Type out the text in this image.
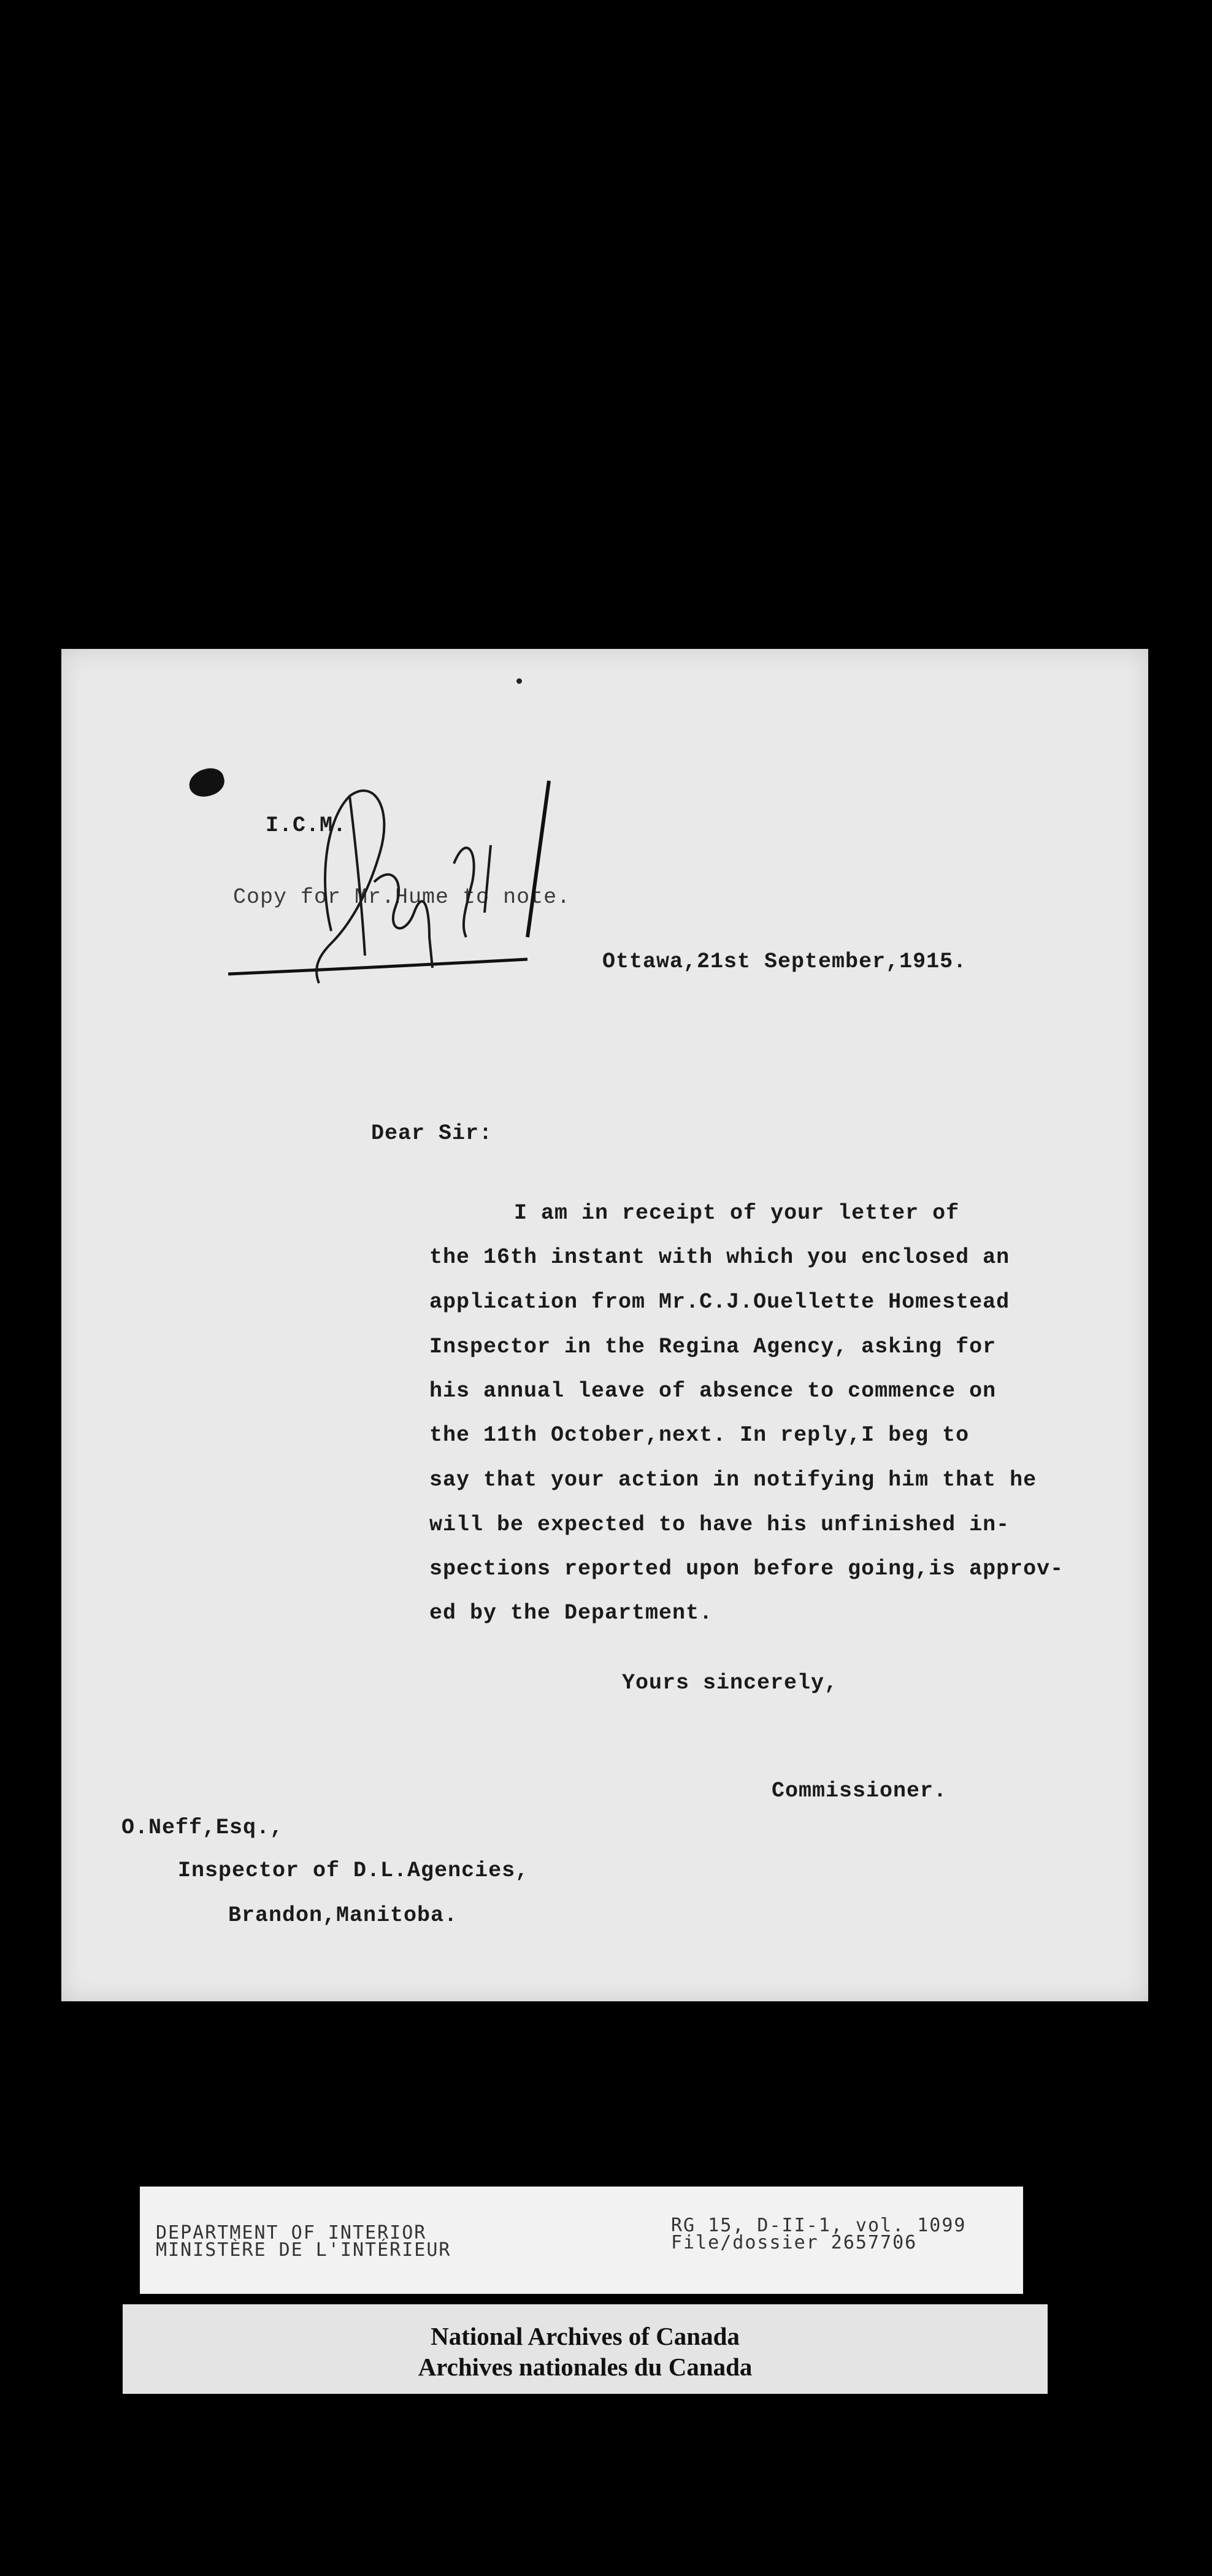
I.C.M.
Copy for Mr.Hume to note.
Ottawa,21st September,1915.
Dear Sir:
I am in receipt of your letter of
the 16th instant with which you enclosed an
application from Mr.C.J.Ouellette Homestead
Inspector in the Regina Agency, asking for
his annual leave of absence to commence on
the 11th October,next. In reply,I beg to
say that your action in notifying him that he
will be expected to have his unfinished in-
spections reported upon before going,is approv-
ed by the Department.
Yours sincerely,
Commissioner.
O.Neff,Esq.,
Inspector of D.L.Agencies,
Brandon,Manitoba.
DEPARTMENT OF INTERIOR
MINISTÈRE DE L'INTÉRIEUR
RG 15, D-II-1, vol. 1099
File/dossier 2657706
National Archives of Canada
Archives nationales du Canada
